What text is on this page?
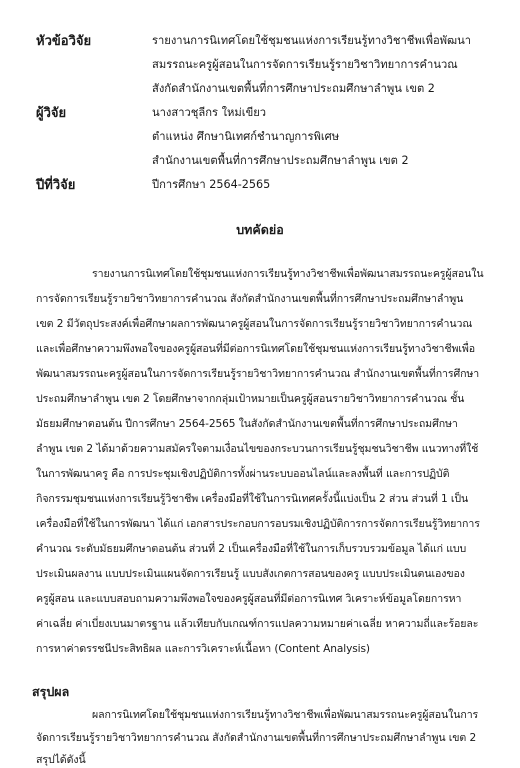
หัวข้อวิจัย	รายงานการนิเทศโดยใช้ชุมชนแห่งการเรียนรู้ทางวิชาชีพเพื่อพัฒนา
สมรรถนะครูผู้สอนในการจัดการเรียนรู้รายวิชาวิทยาการคำนวณ
สังกัดสำนักงานเขตพื้นที่การศึกษาประถมศึกษาลำพูน เขต 2
ผู้วิจัย	นางสาวชุลีกร ใหม่เขียว
ตำแหน่ง ศึกษานิเทศก์ชำนาญการพิเศษ
สำนักงานเขตพื้นที่การศึกษาประถมศึกษาลำพูน เขต 2
ปีที่วิจัย	ปีการศึกษา 2564-2565
บทคัดย่อ
รายงานการนิเทศโดยใช้ชุมชนแห่งการเรียนรู้ทางวิชาชีพเพื่อพัฒนาสมรรถนะครูผู้สอนใน
การจัดการเรียนรู้รายวิชาวิทยาการคำนวณ สังกัดสำนักงานเขตพื้นที่การศึกษาประถมศึกษาลำพูน
เขต 2 มีวัตถุประสงค์เพื่อศึกษาผลการพัฒนาครูผู้สอนในการจัดการเรียนรู้รายวิชาวิทยาการคำนวณ
และเพื่อศึกษาความพึงพอใจของครูผู้สอนที่มีต่อการนิเทศโดยใช้ชุมชนแห่งการเรียนรู้ทางวิชาชีพเพื่อ
พัฒนาสมรรถนะครูผู้สอนในการจัดการเรียนรู้รายวิชาวิทยาการคำนวณ สำนักงานเขตพื้นที่การศึกษา
ประถมศึกษาลำพูน เขต 2 โดยศึกษาจากกลุ่มเป้าหมายเป็นครูผู้สอนรายวิชาวิทยาการคำนวณ ชั้น
มัธยมศึกษาตอนต้น ปีการศึกษา 2564-2565 ในสังกัดสำนักงานเขตพื้นที่การศึกษาประถมศึกษา
ลำพูน เขต 2 ได้มาด้วยความสมัครใจตามเงื่อนไขของกระบวนการเรียนรู้ชุมชนวิชาชีพ แนวทางที่ใช้
ในการพัฒนาครู คือ การประชุมเชิงปฏิบัติการทั้งผ่านระบบออนไลน์และลงพื้นที่ และการปฏิบัติ
กิจกรรมชุมชนแห่งการเรียนรู้วิชาชีพ เครื่องมือที่ใช้ในการนิเทศครั้งนี้แบ่งเป็น 2 ส่วน ส่วนที่ 1 เป็น
เครื่องมือที่ใช้ในการพัฒนา ได้แก่ เอกสารประกอบการอบรมเชิงปฏิบัติการการจัดการเรียนรู้วิทยาการ
คำนวณ ระดับมัธยมศึกษาตอนต้น ส่วนที่ 2 เป็นเครื่องมือที่ใช้ในการเก็บรวบรวมข้อมูล ได้แก่ แบบ
ประเมินผลงาน แบบประเมินแผนจัดการเรียนรู้ แบบสังเกตการสอนของครู แบบประเมินตนเองของ
ครูผู้สอน และแบบสอบถามความพึงพอใจของครูผู้สอนที่มีต่อการนิเทศ วิเคราะห์ข้อมูลโดยการหา
ค่าเฉลี่ย ค่าเบี่ยงเบนมาตรฐาน แล้วเทียบกับเกณฑ์การแปลความหมายค่าเฉลี่ย หาความถี่และร้อยละ
การหาค่าดรรชนีประสิทธิผล และการวิเคราะห์เนื้อหา (Content Analysis)
สรุปผล
ผลการนิเทศโดยใช้ชุมชนแห่งการเรียนรู้ทางวิชาชีพเพื่อพัฒนาสมรรถนะครูผู้สอนในการ
จัดการเรียนรู้รายวิชาวิทยาการคำนวณ สังกัดสำนักงานเขตพื้นที่การศึกษาประถมศึกษาลำพูน เขต 2
สรุปได้ดังนี้
